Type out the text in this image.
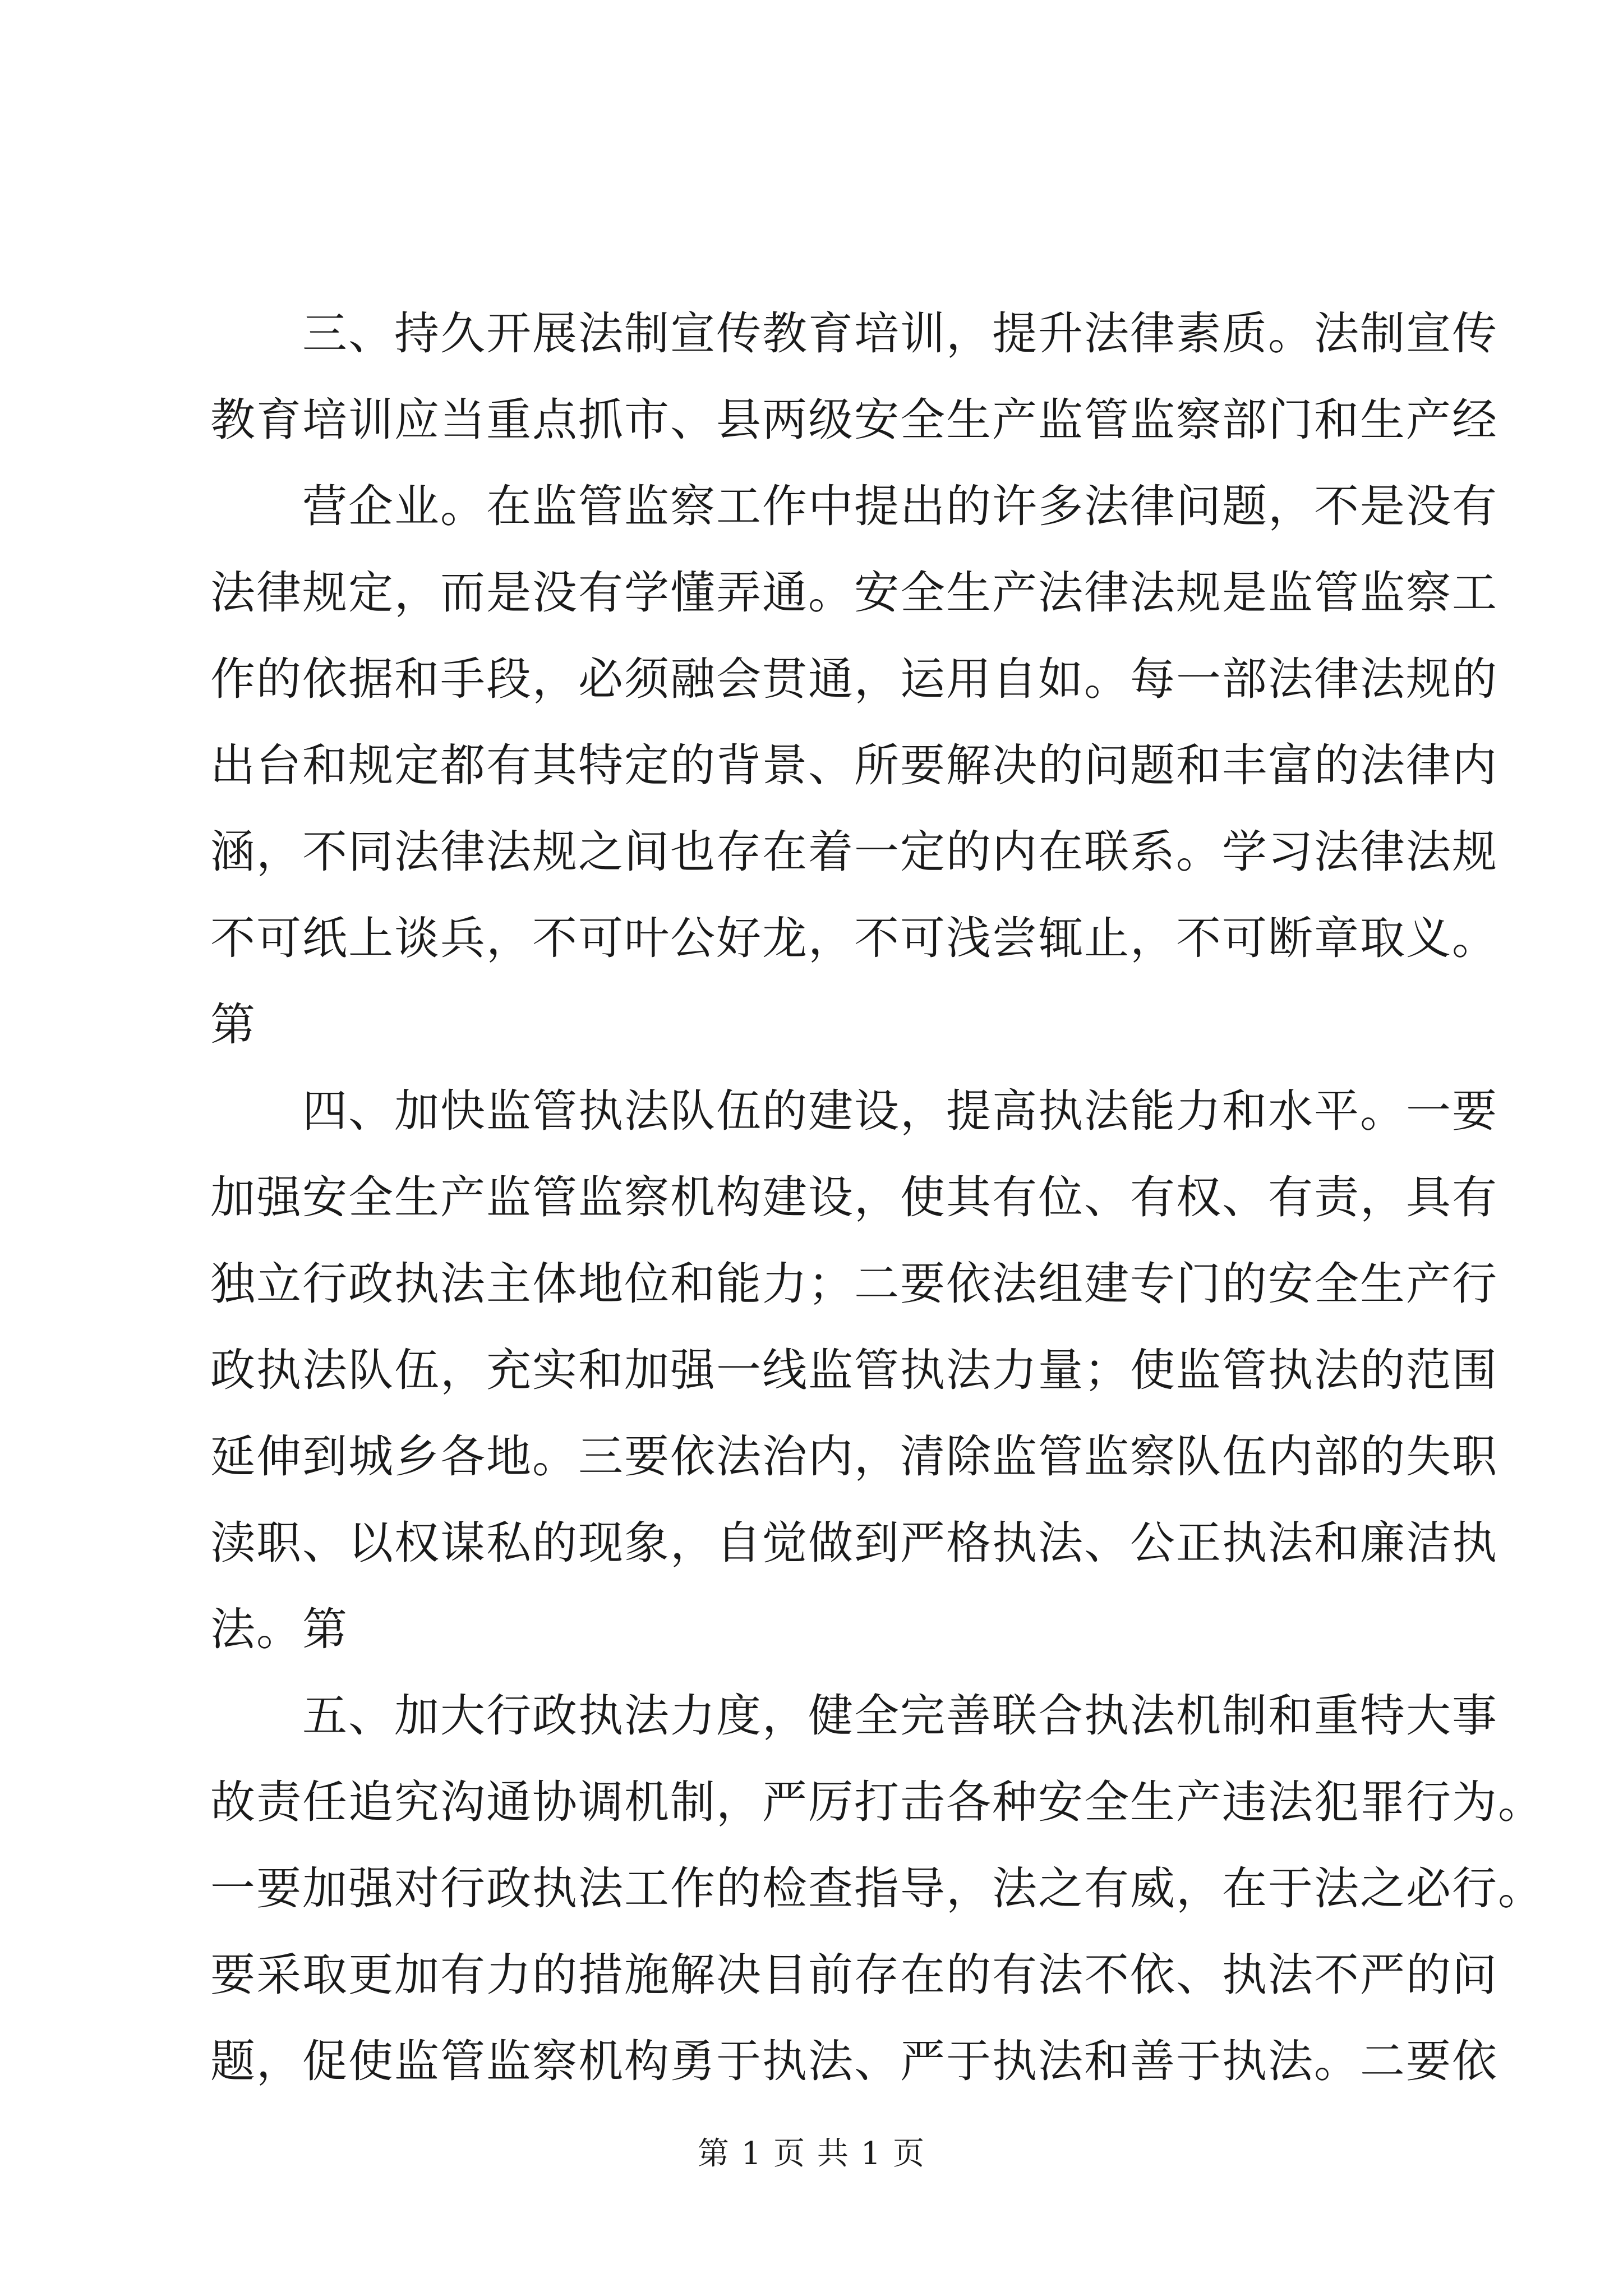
　　三、持久开展法制宣传教育培训，提升法律素质。法制宣传
教育培训应当重点抓市、县两级安全生产监管监察部门和生产经
　　营企业。在监管监察工作中提出的许多法律问题，不是没有
法律规定，而是没有学懂弄通。安全生产法律法规是监管监察工
作的依据和手段，必须融会贯通，运用自如。每一部法律法规的
出台和规定都有其特定的背景、所要解决的问题和丰富的法律内
涵，不同法律法规之间也存在着一定的内在联系。学习法律法规
不可纸上谈兵，不可叶公好龙，不可浅尝辄止，不可断章取义。
第
　　四、加快监管执法队伍的建设，提高执法能力和水平。一要
加强安全生产监管监察机构建设，使其有位、有权、有责，具有
独立行政执法主体地位和能力；二要依法组建专门的安全生产行
政执法队伍，充实和加强一线监管执法力量；使监管执法的范围
延伸到城乡各地。三要依法治内，清除监管监察队伍内部的失职
渎职、以权谋私的现象，自觉做到严格执法、公正执法和廉洁执
法。第
　　五、加大行政执法力度，健全完善联合执法机制和重特大事
故责任追究沟通协调机制，严厉打击各种安全生产违法犯罪行为。
一要加强对行政执法工作的检查指导，法之有威，在于法之必行。
要采取更加有力的措施解决目前存在的有法不依、执法不严的问
题，促使监管监察机构勇于执法、严于执法和善于执法。二要依
第 1 页 共 1 页
